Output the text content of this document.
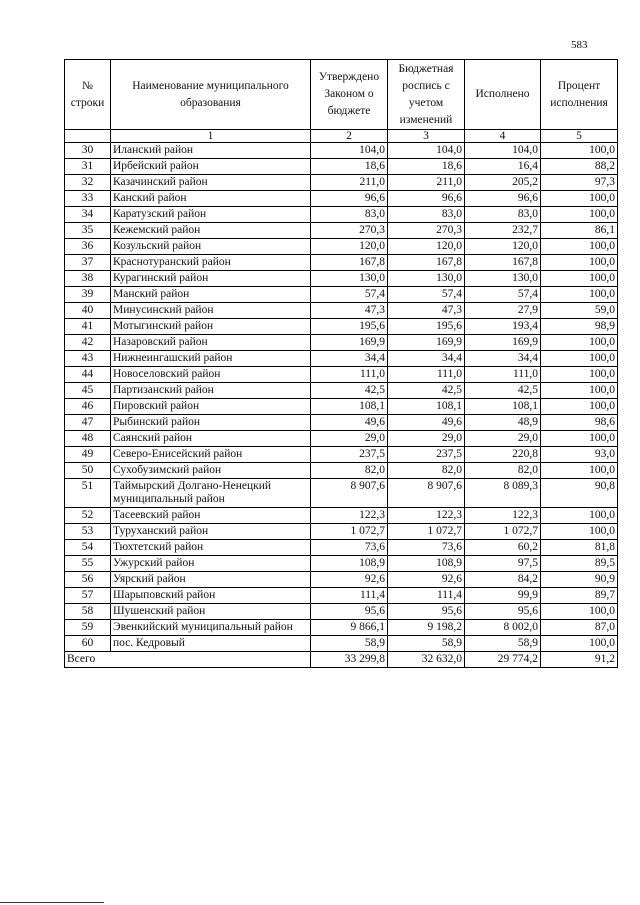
583
№ строки	Наименование муниципального образования	Утверждено Законом о бюджете	Бюджетная роспись с учетом изменений	Исполнено	Процент исполнения
	1	2	3	4	5
30	Иланский район	104,0	104,0	104,0	100,0
31	Ирбейский район	18,6	18,6	16,4	88,2
32	Казачинский район	211,0	211,0	205,2	97,3
33	Канский район	96,6	96,6	96,6	100,0
34	Каратузский район	83,0	83,0	83,0	100,0
35	Кежемский район	270,3	270,3	232,7	86,1
36	Козульский район	120,0	120,0	120,0	100,0
37	Краснотуранский район	167,8	167,8	167,8	100,0
38	Курагинский район	130,0	130,0	130,0	100,0
39	Манский район	57,4	57,4	57,4	100,0
40	Минусинский район	47,3	47,3	27,9	59,0
41	Мотыгинский район	195,6	195,6	193,4	98,9
42	Назаровский район	169,9	169,9	169,9	100,0
43	Нижнеингашский район	34,4	34,4	34,4	100,0
44	Новоселовский район	111,0	111,0	111,0	100,0
45	Партизанский район	42,5	42,5	42,5	100,0
46	Пировский район	108,1	108,1	108,1	100,0
47	Рыбинский район	49,6	49,6	48,9	98,6
48	Саянский район	29,0	29,0	29,0	100,0
49	Северо-Енисейский район	237,5	237,5	220,8	93,0
50	Сухобузимский район	82,0	82,0	82,0	100,0
51	Таймырский Долгано-Ненецкий муниципальный район	8 907,6	8 907,6	8 089,3	90,8
52	Тасеевский район	122,3	122,3	122,3	100,0
53	Туруханский район	1 072,7	1 072,7	1 072,7	100,0
54	Тюхтетский район	73,6	73,6	60,2	81,8
55	Ужурский район	108,9	108,9	97,5	89,5
56	Уярский район	92,6	92,6	84,2	90,9
57	Шарыповский район	111,4	111,4	99,9	89,7
58	Шушенский район	95,6	95,6	95,6	100,0
59	Эвенкийский муниципальный район	9 866,1	9 198,2	8 002,0	87,0
60	пос. Кедровый	58,9	58,9	58,9	100,0
Всего		33 299,8	32 632,0	29 774,2	91,2
